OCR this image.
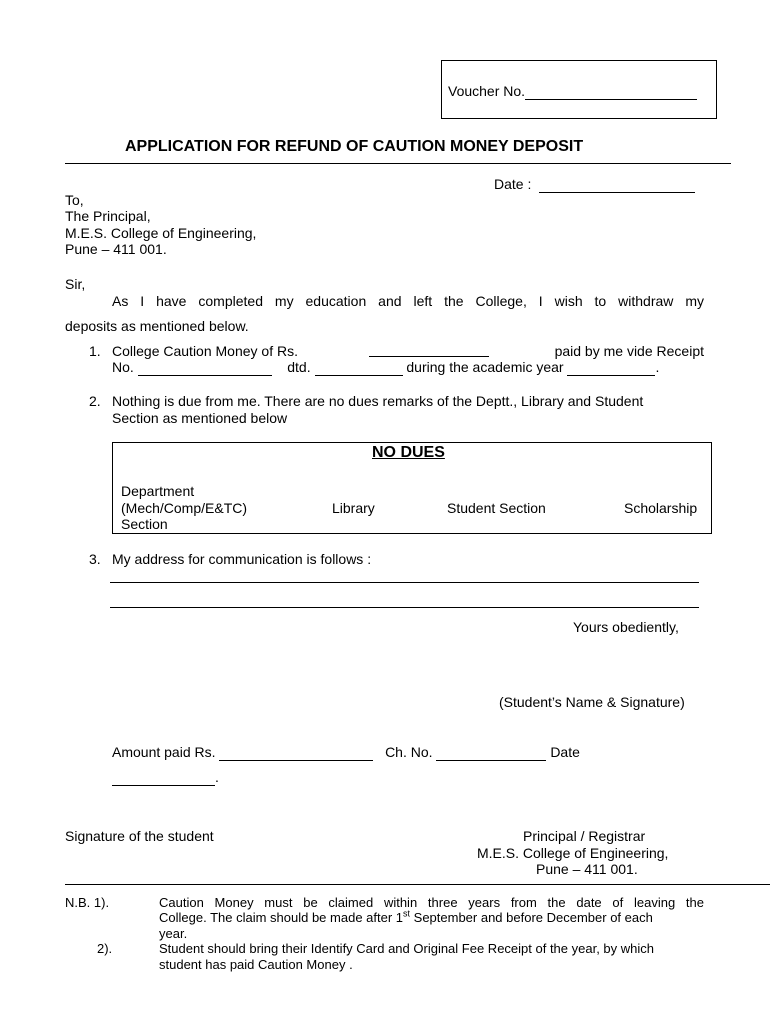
Voucher No.
APPLICATION FOR REFUND OF CAUTION MONEY DEPOSIT
Date :
To,
The Principal,
M.E.S. College of Engineering,
Pune – 411 001.
Sir,
As I have completed my education and left the College, I wish to withdraw my
deposits as mentioned below.
1. College Caution Money of Rs.	paid by me vide Receipt
No.	dtd.	during the academic year	.
2. Nothing is due from me. There are no dues remarks of the Deptt., Library and Student
Section as mentioned below
NO DUES
Department
(Mech/Comp/E&TC)
Section
Library	Student Section	Scholarship
3. My address for communication is follows :
Yours obediently,
(Student’s Name & Signature)
Amount paid Rs.	Ch. No.	Date
.
Signature of the student	Principal / Registrar
M.E.S. College of Engineering,
Pune – 411 001.
N.B. 1).	Caution Money must be claimed within three years from the date of leaving the
College. The claim should be made after 1st September and before December of each
year.
2).	Student should bring their Identify Card and Original Fee Receipt of the year, by which
student has paid Caution Money .
